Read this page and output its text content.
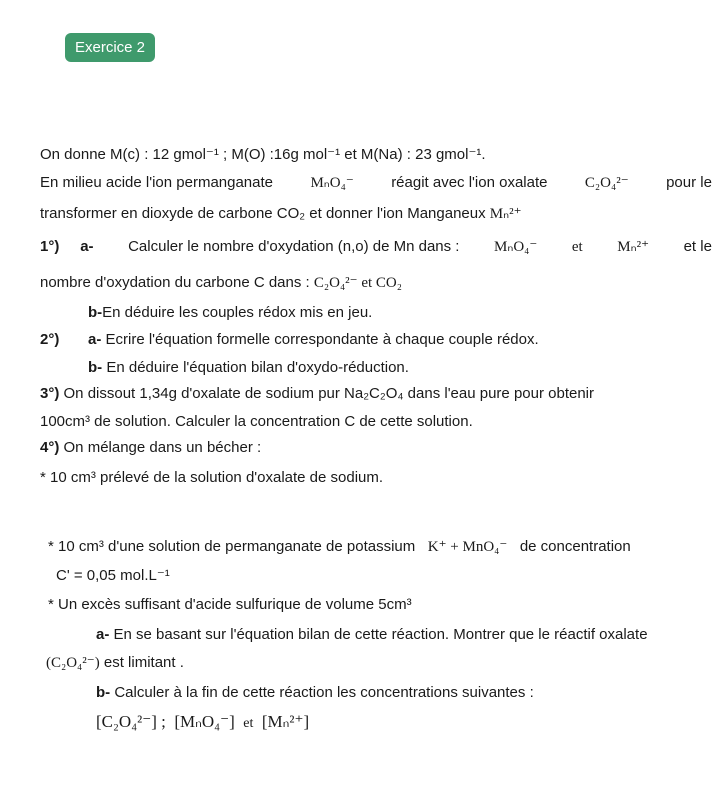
Exercice 2
On donne M(c) : 12 gmol⁻¹ ; M(O) :16g mol⁻¹ et M(Na) : 23 gmol⁻¹.
En milieu acide l'ion permanganate MₙO₄⁻ réagit avec l'ion oxalate C₂O₄²⁻ pour le
transformer en dioxyde de carbone CO₂ et donner l'ion Manganeux Mₙ²⁺
1°) a- Calculer le nombre d'oxydation (n,o) de Mn dans : MₙO₄⁻ et Mₙ²⁺ et le
nombre d'oxydation du carbone C dans : C₂O₄²⁻ et CO₂
b-En déduire les couples rédox mis en jeu.
2°) a- Ecrire l'équation formelle correspondante à chaque couple rédox.
b- En déduire l'équation bilan d'oxydo-réduction.
3°) On dissout 1,34g d'oxalate de sodium pur Na₂C₂O₄ dans l'eau pure pour obtenir
100cm³ de solution. Calculer la concentration C de cette solution.
4°) On mélange dans un bécher :
* 10 cm³ prélevé de la solution d'oxalate de sodium.
* 10 cm³ d'une solution de permanganate de potassium K⁺ + MnO₄⁻ de concentration
C' = 0,05 mol.L⁻¹
* Un excès suffisant d'acide sulfurique de volume 5cm³
a- En se basant sur l'équation bilan de cette réaction. Montrer que le réactif oxalate
(C₂O₄²⁻) est limitant .
b- Calculer à la fin de cette réaction les concentrations suivantes :
[C₂O₄²⁻] ; [MₙO₄⁻] et [Mₙ²⁺]
